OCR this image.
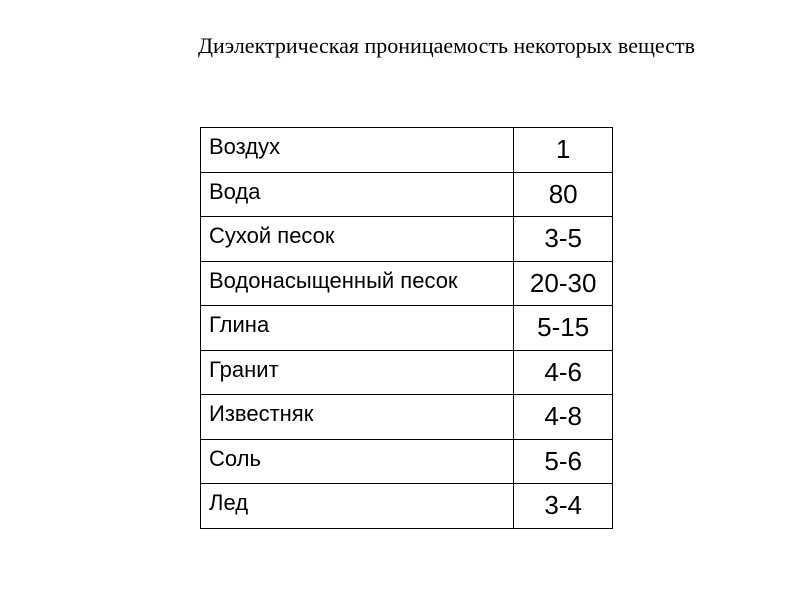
Диэлектрическая проницаемость некоторых веществ
Воздух	1

Вода	80

Сухой песок	3-5

Водонасыщенный песок	20-30

Глина	5-15

Гранит	4-6

Известняк	4-8

Соль	5-6

Лед	3-4
